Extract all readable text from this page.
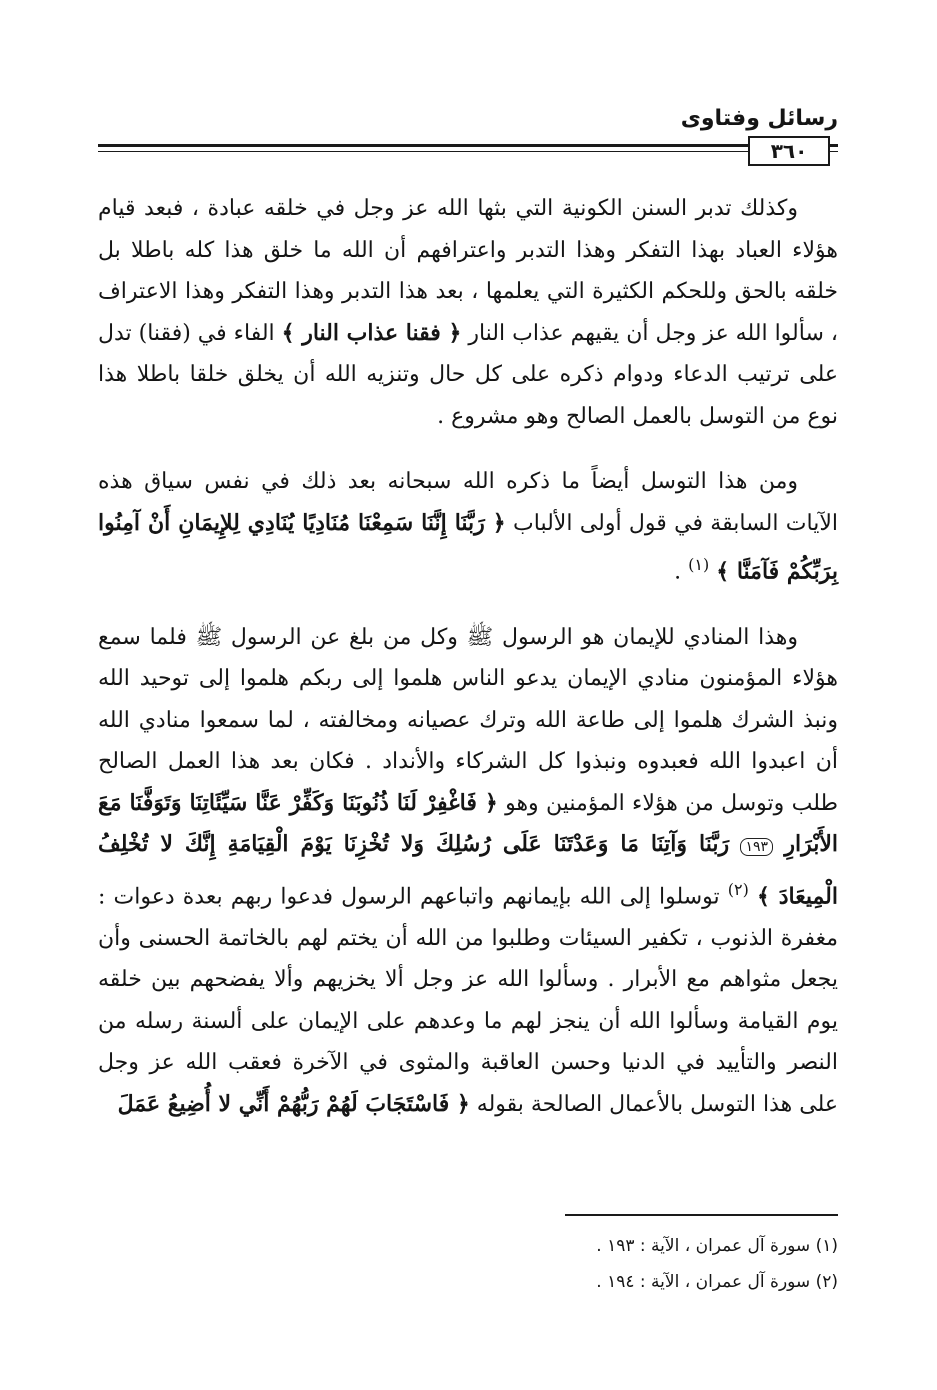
رسائل وفتاوى
٣٦٠

وكذلك تدبر السنن الكونية التي بثها الله عز وجل في خلقه عبادة ، فبعد قيام هؤلاء العباد بهذا التفكر وهذا التدبر واعترافهم أن الله ما خلق هذا كله باطلا بل خلقه بالحق وللحكم الكثيرة التي يعلمها ، بعد هذا التدبر وهذا التفكر وهذا الاعتراف ، سألوا الله عز وجل أن يقيهم عذاب النار ﴿ فقنا عذاب النار ﴾ الفاء في (فقنا) تدل على ترتيب الدعاء ودوام ذكره على كل حال وتنزيه الله أن يخلق خلقا باطلا هذا نوع من التوسل بالعمل الصالح وهو مشروع .

ومن هذا التوسل أيضاً ما ذكره الله سبحانه بعد ذلك في نفس سياق هذه الآيات السابقة في قول أولى الألباب ﴿ رَبَّنَا إِنَّنَا سَمِعْنَا مُنَادِيًا يُنَادِي لِلإِيمَانِ أَنْ آمِنُوا بِرَبِّكُمْ فَآمَنَّا ﴾ $^{(١)}$ .

وهذا المنادي للإيمان هو الرسول ﷺ وكل من بلغ عن الرسول ﷺ فلما سمع هؤلاء المؤمنون منادي الإيمان يدعو الناس هلموا إلى ربكم هلموا إلى توحيد الله ونبذ الشرك هلموا إلى طاعة الله وترك عصيانه ومخالفته ، لما سمعوا منادي الله أن اعبدوا الله فعبدوه ونبذوا كل الشركاء والأنداد . فكان بعد هذا العمل الصالح طلب وتوسل من هؤلاء المؤمنين وهو ﴿ فَاغْفِرْ لَنَا ذُنُوبَنَا وَكَفِّرْ عَنَّا سَيِّئَاتِنَا وَتَوَفَّنَا مَعَ الأَبْرَارِ ١٩٣ رَبَّنَا وَآتِنَا مَا وَعَدْتَنَا عَلَى رُسُلِكَ وَلا تُخْزِنَا يَوْمَ الْقِيَامَةِ إِنَّكَ لا تُخْلِفُ الْمِيعَادَ ﴾ $^{(٢)}$ توسلوا إلى الله بإيمانهم واتباعهم الرسول فدعوا ربهم بعدة دعوات : مغفرة الذنوب ، تكفير السيئات وطلبوا من الله أن يختم لهم بالخاتمة الحسنى وأن يجعل مثواهم مع الأبرار . وسألوا الله عز وجل ألا يخزيهم وألا يفضحهم بين خلقه يوم القيامة وسألوا الله أن ينجز لهم ما وعدهم على الإيمان على ألسنة رسله من النصر والتأييد في الدنيا وحسن العاقبة والمثوى في الآخرة فعقب الله عز وجل على هذا التوسل بالأعمال الصالحة بقوله ﴿ فَاسْتَجَابَ لَهُمْ رَبُّهُمْ أَنِّي لا أُضِيعُ عَمَلَ

(١) سورة آل عمران ، الآية : ١٩٣ .
(٢) سورة آل عمران ، الآية : ١٩٤ .
